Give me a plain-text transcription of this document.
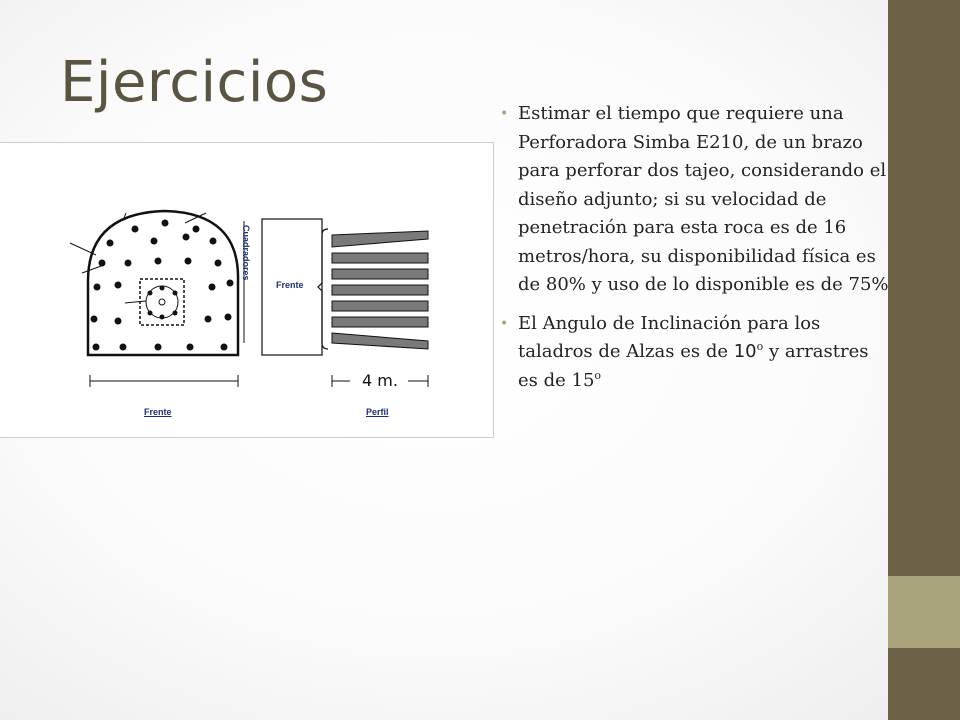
Ejercicios
Cuadradores
Frente
4 m.
Frente	Perfil
• Estimar el tiempo que requiere una Perforadora Simba E210, de un brazo para perforar dos tajeo, considerando el diseño adjunto; si su velocidad de penetración para esta roca es de 16 metros/hora, su disponibilidad física es de 80% y uso de lo disponible es de 75%
• El Angulo de Inclinación para los taladros de Alzas es de 10$^o$ y arrastres es de 15$^o$
